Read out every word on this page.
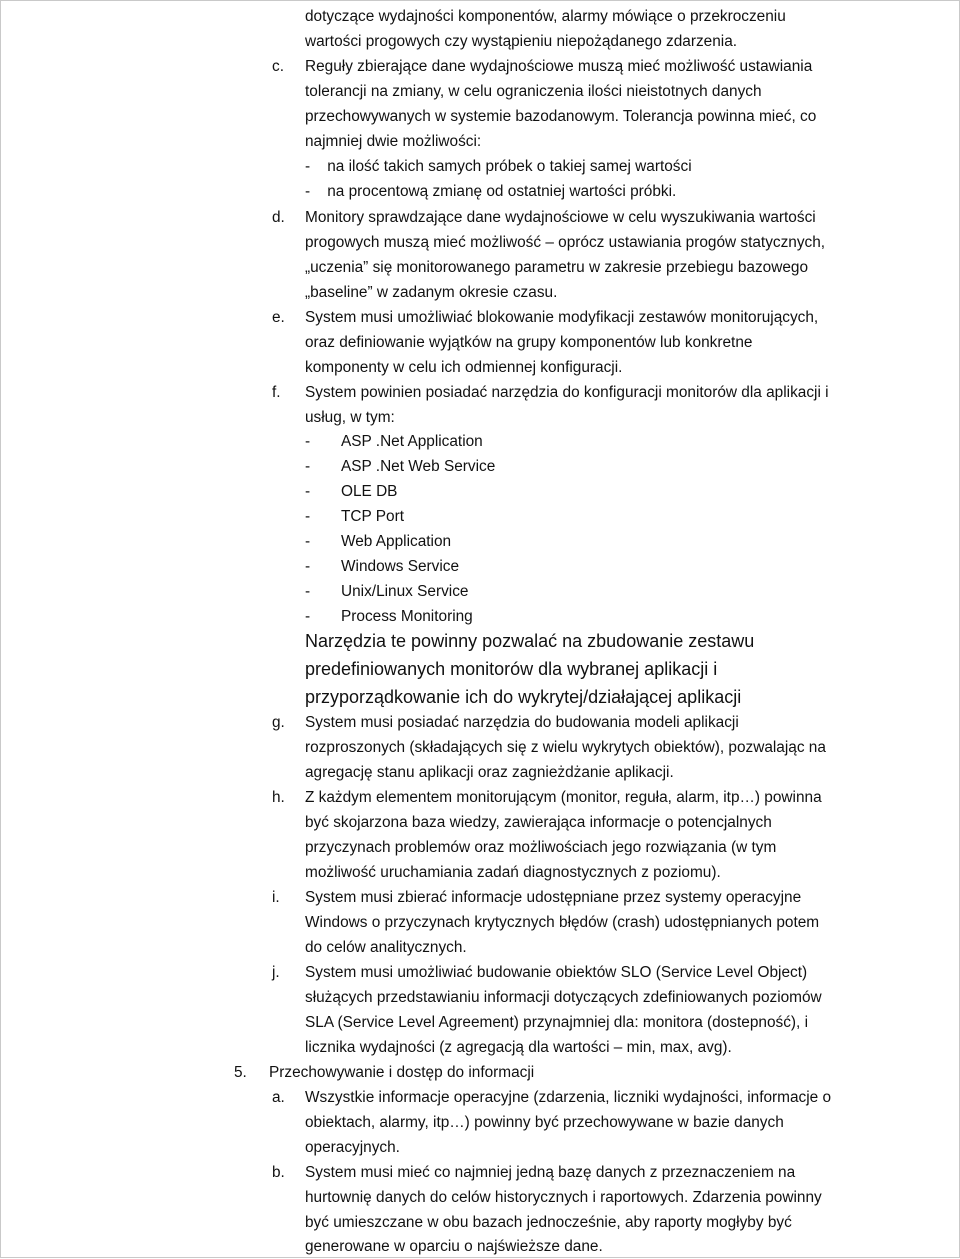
dotyczące wydajności komponentów, alarmy mówiące o przekroczeniu
wartości progowych czy wystąpieniu niepożądanego zdarzenia.
c. Reguły zbierające dane wydajnościowe muszą mieć możliwość ustawiania
tolerancji na zmiany, w celu ograniczenia ilości nieistotnych danych
przechowywanych w systemie bazodanowym. Tolerancja powinna mieć, co
najmniej dwie możliwości:
-    na ilość takich samych próbek o takiej samej wartości
-    na procentową zmianę od ostatniej wartości próbki.
d. Monitory sprawdzające dane wydajnościowe w celu wyszukiwania wartości
progowych muszą mieć możliwość – oprócz ustawiania progów statycznych,
„uczenia” się monitorowanego parametru w zakresie przebiegu bazowego
„baseline” w zadanym okresie czasu.
e. System musi umożliwiać blokowanie modyfikacji zestawów monitorujących,
oraz definiowanie wyjątków na grupy komponentów lub konkretne
komponenty w celu ich odmiennej konfiguracji.
f. System powinien posiadać narzędzia do konfiguracji monitorów dla aplikacji i
usług, w tym:
- ASP .Net Application
- ASP .Net Web Service
- OLE DB
- TCP Port
- Web Application
- Windows Service
- Unix/Linux Service
- Process Monitoring
Narzędzia te powinny pozwalać na zbudowanie zestawu
predefiniowanych monitorów dla wybranej aplikacji i
przyporządkowanie ich do wykrytej/działającej aplikacji
g. System musi posiadać narzędzia do budowania modeli aplikacji
rozproszonych (składających się z wielu wykrytych obiektów), pozwalając na
agregację stanu aplikacji oraz zagnieżdżanie aplikacji.
h. Z każdym elementem monitorującym (monitor, reguła, alarm, itp…) powinna
być skojarzona baza wiedzy, zawierająca informacje o potencjalnych
przyczynach problemów oraz możliwościach jego rozwiązania (w tym
możliwość uruchamiania zadań diagnostycznych z poziomu).
i. System musi zbierać informacje udostępniane przez systemy operacyjne
Windows o przyczynach krytycznych błędów (crash) udostępnianych potem
do celów analitycznych.
j. System musi umożliwiać budowanie obiektów SLO (Service Level Object)
służących przedstawianiu informacji dotyczących zdefiniowanych poziomów
SLA (Service Level Agreement) przynajmniej dla: monitora (dostepność), i
licznika wydajności (z agregacją dla wartości – min, max, avg).
5. Przechowywanie i dostęp do informacji
a. Wszystkie informacje operacyjne (zdarzenia, liczniki wydajności, informacje o
obiektach, alarmy, itp…) powinny być przechowywane w bazie danych
operacyjnych.
b. System musi mieć co najmniej jedną bazę danych z przeznaczeniem na
hurtownię danych do celów historycznych i raportowych. Zdarzenia powinny
być umieszczane w obu bazach jednocześnie, aby raporty mogłyby być
generowane w oparciu o najświeższe dane.
